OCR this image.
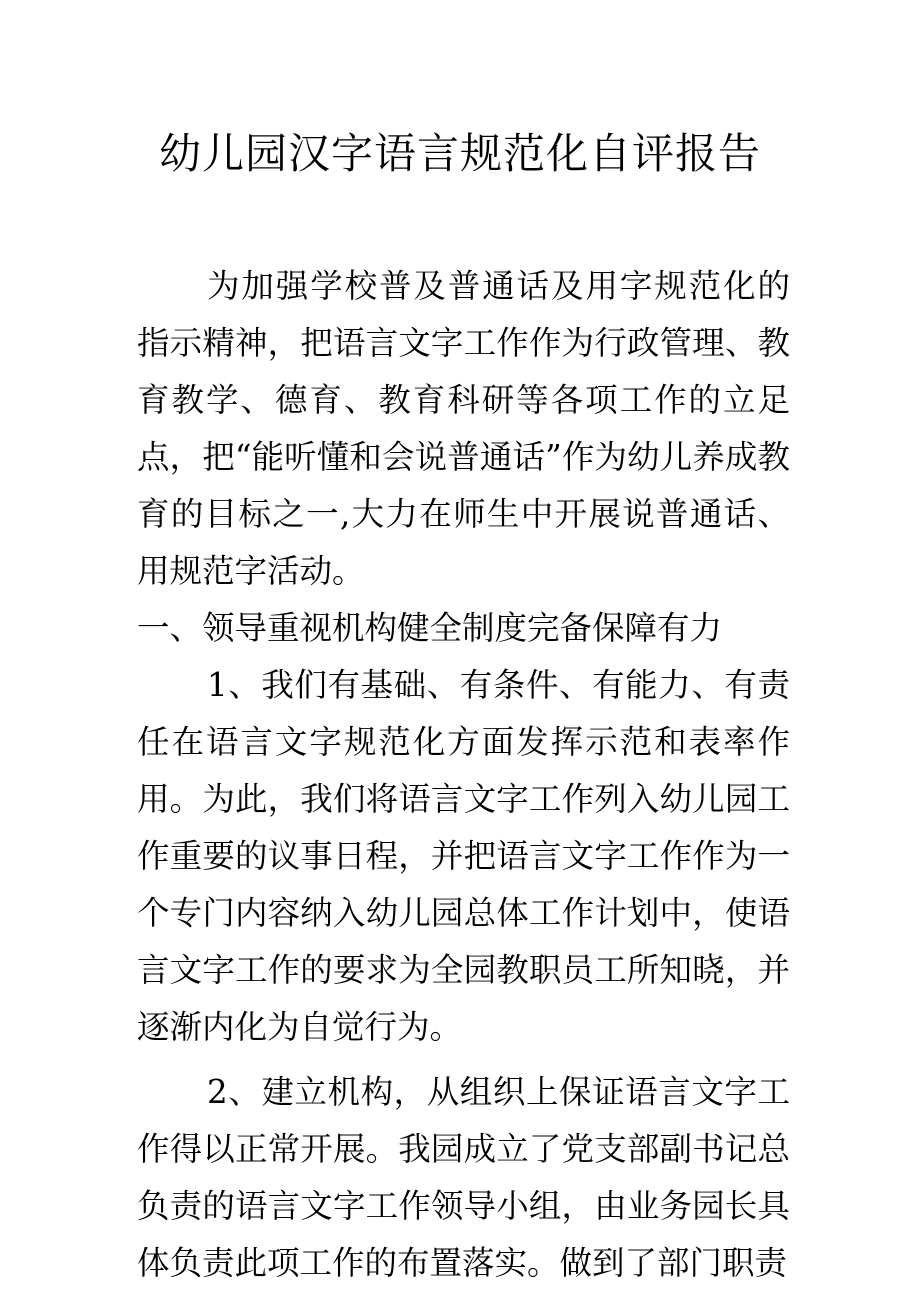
幼儿园汉字语言规范化自评报告

为加强学校普及普通话及用字规范化的指示精神，把语言文字工作作为行政管理、教育教学、德育、教育科研等各项工作的立足点，把“能听懂和会说普通话”作为幼儿养成教育的目标之一,大力在师生中开展说普通话、用规范字活动。

一、领导重视机构健全制度完备保障有力

1、我们有基础、有条件、有能力、有责任在语言文字规范化方面发挥示范和表率作用。为此，我们将语言文字工作列入幼儿园工作重要的议事日程，并把语言文字工作作为一个专门内容纳入幼儿园总体工作计划中，使语言文字工作的要求为全园教职员工所知晓，并逐渐内化为自觉行为。

2、建立机构，从组织上保证语言文字工作得以正常开展。我园成立了党支部副书记总负责的语言文字工作领导小组，由业务园长具体负责此项工作的布置落实。做到了部门职责
